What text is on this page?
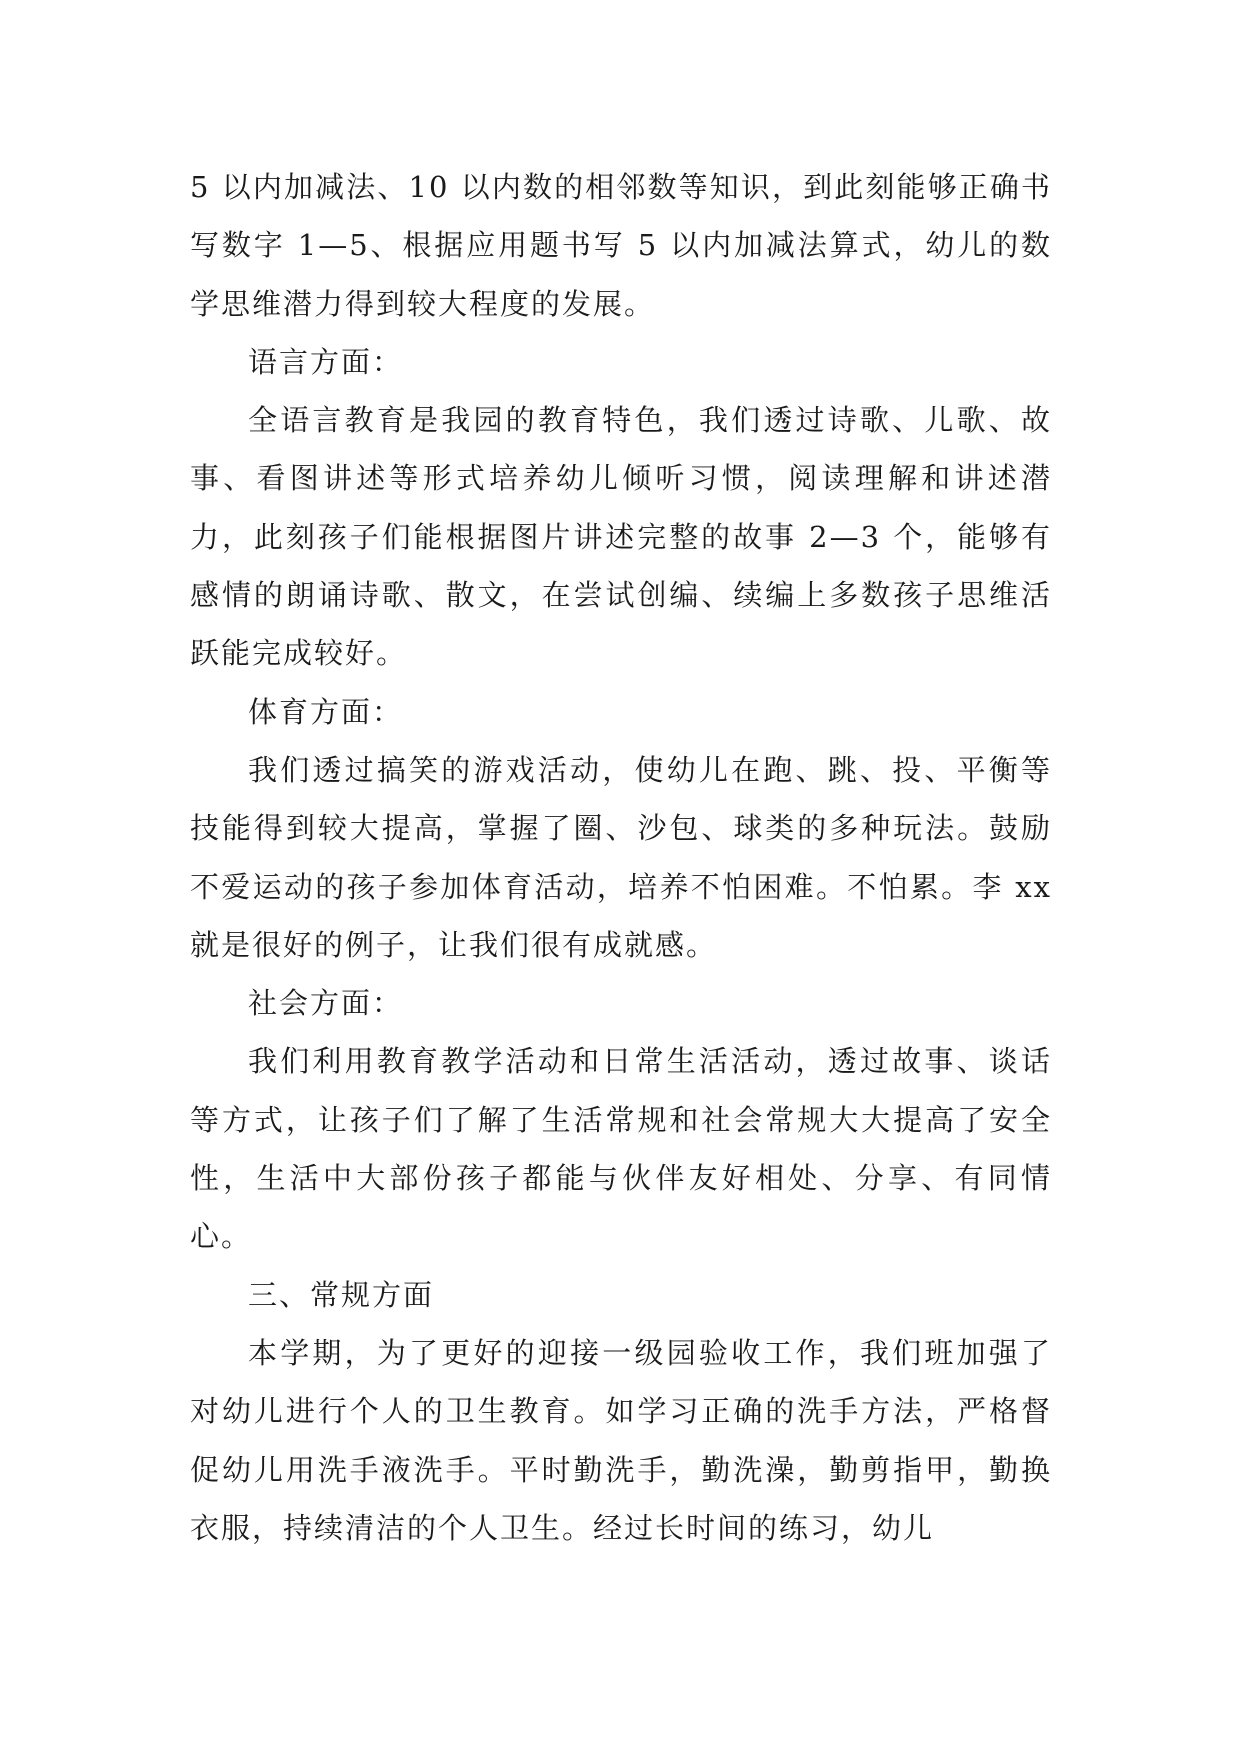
5 以内加减法、10 以内数的相邻数等知识，到此刻能够正确书写数字 1—5、根据应用题书写 5 以内加减法算式，幼儿的数学思维潜力得到较大程度的发展。

语言方面：

全语言教育是我园的教育特色，我们透过诗歌、儿歌、故事、看图讲述等形式培养幼儿倾听习惯，阅读理解和讲述潜力，此刻孩子们能根据图片讲述完整的故事 2—3 个，能够有感情的朗诵诗歌、散文，在尝试创编、续编上多数孩子思维活跃能完成较好。

体育方面：

我们透过搞笑的游戏活动，使幼儿在跑、跳、投、平衡等技能得到较大提高，掌握了圈、沙包、球类的多种玩法。鼓励不爱运动的孩子参加体育活动，培养不怕困难。不怕累。李 xx 就是很好的例子，让我们很有成就感。

社会方面：

我们利用教育教学活动和日常生活活动，透过故事、谈话等方式，让孩子们了解了生活常规和社会常规大大提高了安全性，生活中大部份孩子都能与伙伴友好相处、分享、有同情心。

三、常规方面

本学期，为了更好的迎接一级园验收工作，我们班加强了对幼儿进行个人的卫生教育。如学习正确的洗手方法，严格督促幼儿用洗手液洗手。平时勤洗手，勤洗澡，勤剪指甲，勤换衣服，持续清洁的个人卫生。经过长时间的练习，幼儿
